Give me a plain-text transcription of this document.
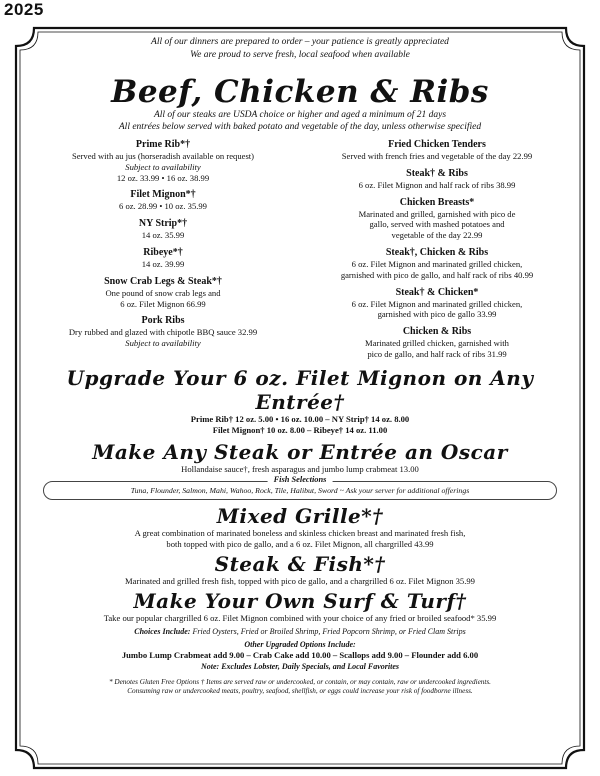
2025
All of our dinners are prepared to order – your patience is greatly appreciated
We are proud to serve fresh, local seafood when available
Beef, Chicken & Ribs
All of our steaks are USDA choice or higher and aged a minimum of 21 days
All entrées below served with baked potato and vegetable of the day, unless otherwise specified
Prime Rib*†
Served with au jus (horseradish available on request)
Subject to availability
12 oz. 33.99 • 16 oz. 38.99
Filet Mignon*†
6 oz. 28.99 • 10 oz. 35.99
NY Strip*†
14 oz. 35.99
Ribeye*†
14 oz. 39.99
Snow Crab Legs & Steak*†
One pound of snow crab legs and
6 oz. Filet Mignon 66.99
Pork Ribs
Dry rubbed and glazed with chipotle BBQ sauce 32.99
Subject to availability
Fried Chicken Tenders
Served with french fries and vegetable of the day 22.99
Steak† & Ribs
6 oz. Filet Mignon and half rack of ribs 38.99
Chicken Breasts*
Marinated and grilled, garnished with pico de
gallo, served with mashed potatoes and
vegetable of the day 22.99
Steak†, Chicken & Ribs
6 oz. Filet Mignon and marinated grilled chicken,
garnished with pico de gallo, and half rack of ribs 40.99
Steak† & Chicken*
6 oz. Filet Mignon and marinated grilled chicken,
garnished with pico de gallo 33.99
Chicken & Ribs
Marinated grilled chicken, garnished with
pico de gallo, and half rack of ribs 31.99
Upgrade Your 6 oz. Filet Mignon on Any Entrée†
Prime Rib† 12 oz. 5.00 • 16 oz. 10.00 – NY Strip† 14 oz. 8.00
Filet Mignon† 10 oz. 8.00 – Ribeye† 14 oz. 11.00
Make Any Steak or Entrée an Oscar
Hollandaise sauce†, fresh asparagus and jumbo lump crabmeat 13.00
Fish Selections
Tuna, Flounder, Salmon, Mahi, Wahoo, Rock, Tile, Halibut, Sword ~ Ask your server for additional offerings
Mixed Grille*†
A great combination of marinated boneless and skinless chicken breast and marinated fresh fish,
both topped with pico de gallo, and a 6 oz. Filet Mignon, all chargrilled 43.99
Steak & Fish*†
Marinated and grilled fresh fish, topped with pico de gallo, and a chargrilled 6 oz. Filet Mignon 35.99
Make Your Own Surf & Turf†
Take our popular chargrilled 6 oz. Filet Mignon combined with your choice of any fried or broiled seafood* 35.99
Choices Include: Fried Oysters, Fried or Broiled Shrimp, Fried Popcorn Shrimp, or Fried Clam Strips
Other Upgraded Options Include:
Jumbo Lump Crabmeat add 9.00 – Crab Cake add 10.00 – Scallops add 9.00 – Flounder add 6.00
Note: Excludes Lobster, Daily Specials, and Local Favorites
* Denotes Gluten Free Options † Items are served raw or undercooked, or contain, or may contain, raw or undercooked ingredients.
Consuming raw or undercooked meats, poultry, seafood, shellfish, or eggs could increase your risk of foodborne illness.
